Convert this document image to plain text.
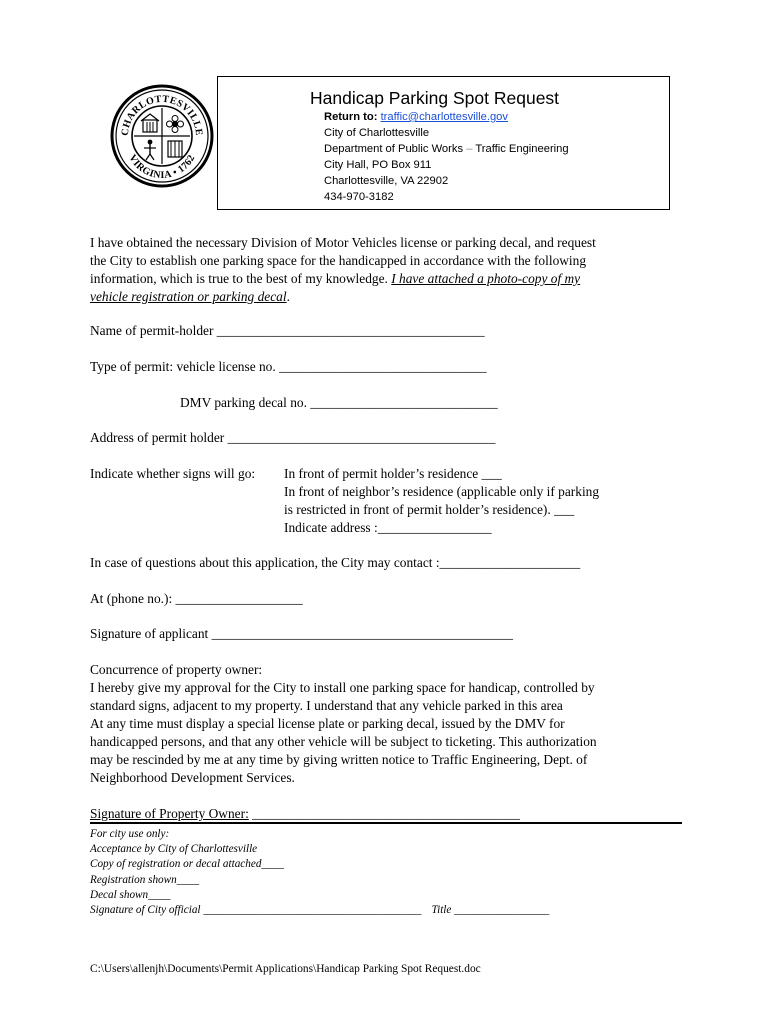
CHARLOTTESVILLE
VIRGINIA • 1762
Handicap Parking Spot Request
Return to: traffic@charlottesville.gov
City of Charlottesville
Department of Public Works – Traffic Engineering
City Hall, PO Box 911
Charlottesville, VA 22902
434-970-3182
I have obtained the necessary Division of Motor Vehicles license or parking decal, and request
the City to establish one parking space for the handicapped in accordance with the following
information, which is true to the best of my knowledge. I have attached a photo-copy of my
vehicle registration or parking decal.
Name of permit-holder ________________________________________
Type of permit: vehicle license no. _______________________________
DMV parking decal no. ____________________________
Address of permit holder ________________________________________
Indicate whether signs will go: In front of permit holder’s residence ___
In front of neighbor’s residence (applicable only if parking
is restricted in front of permit holder’s residence). ___
Indicate address :_________________
In case of questions about this application, the City may contact :_____________________
At (phone no.): ___________________
Signature of applicant _____________________________________________
Concurrence of property owner:
I hereby give my approval for the City to install one parking space for handicap, controlled by
standard signs, adjacent to my property. I understand that any vehicle parked in this area
At any time must display a special license plate or parking decal, issued by the DMV for
handicapped persons, and that any other vehicle will be subject to ticketing. This authorization
may be rescinded by me at any time by giving written notice to Traffic Engineering, Dept. of
Neighborhood Development Services.
Signature of Property Owner: ________________________________________
For city use only:
Acceptance by City of Charlottesville
Copy of registration or decal attached____
Registration shown____
Decal shown____
Signature of City official _______________________________________ Title _________________
C:\Users\allenjh\Documents\Permit Applications\Handicap Parking Spot Request.doc
